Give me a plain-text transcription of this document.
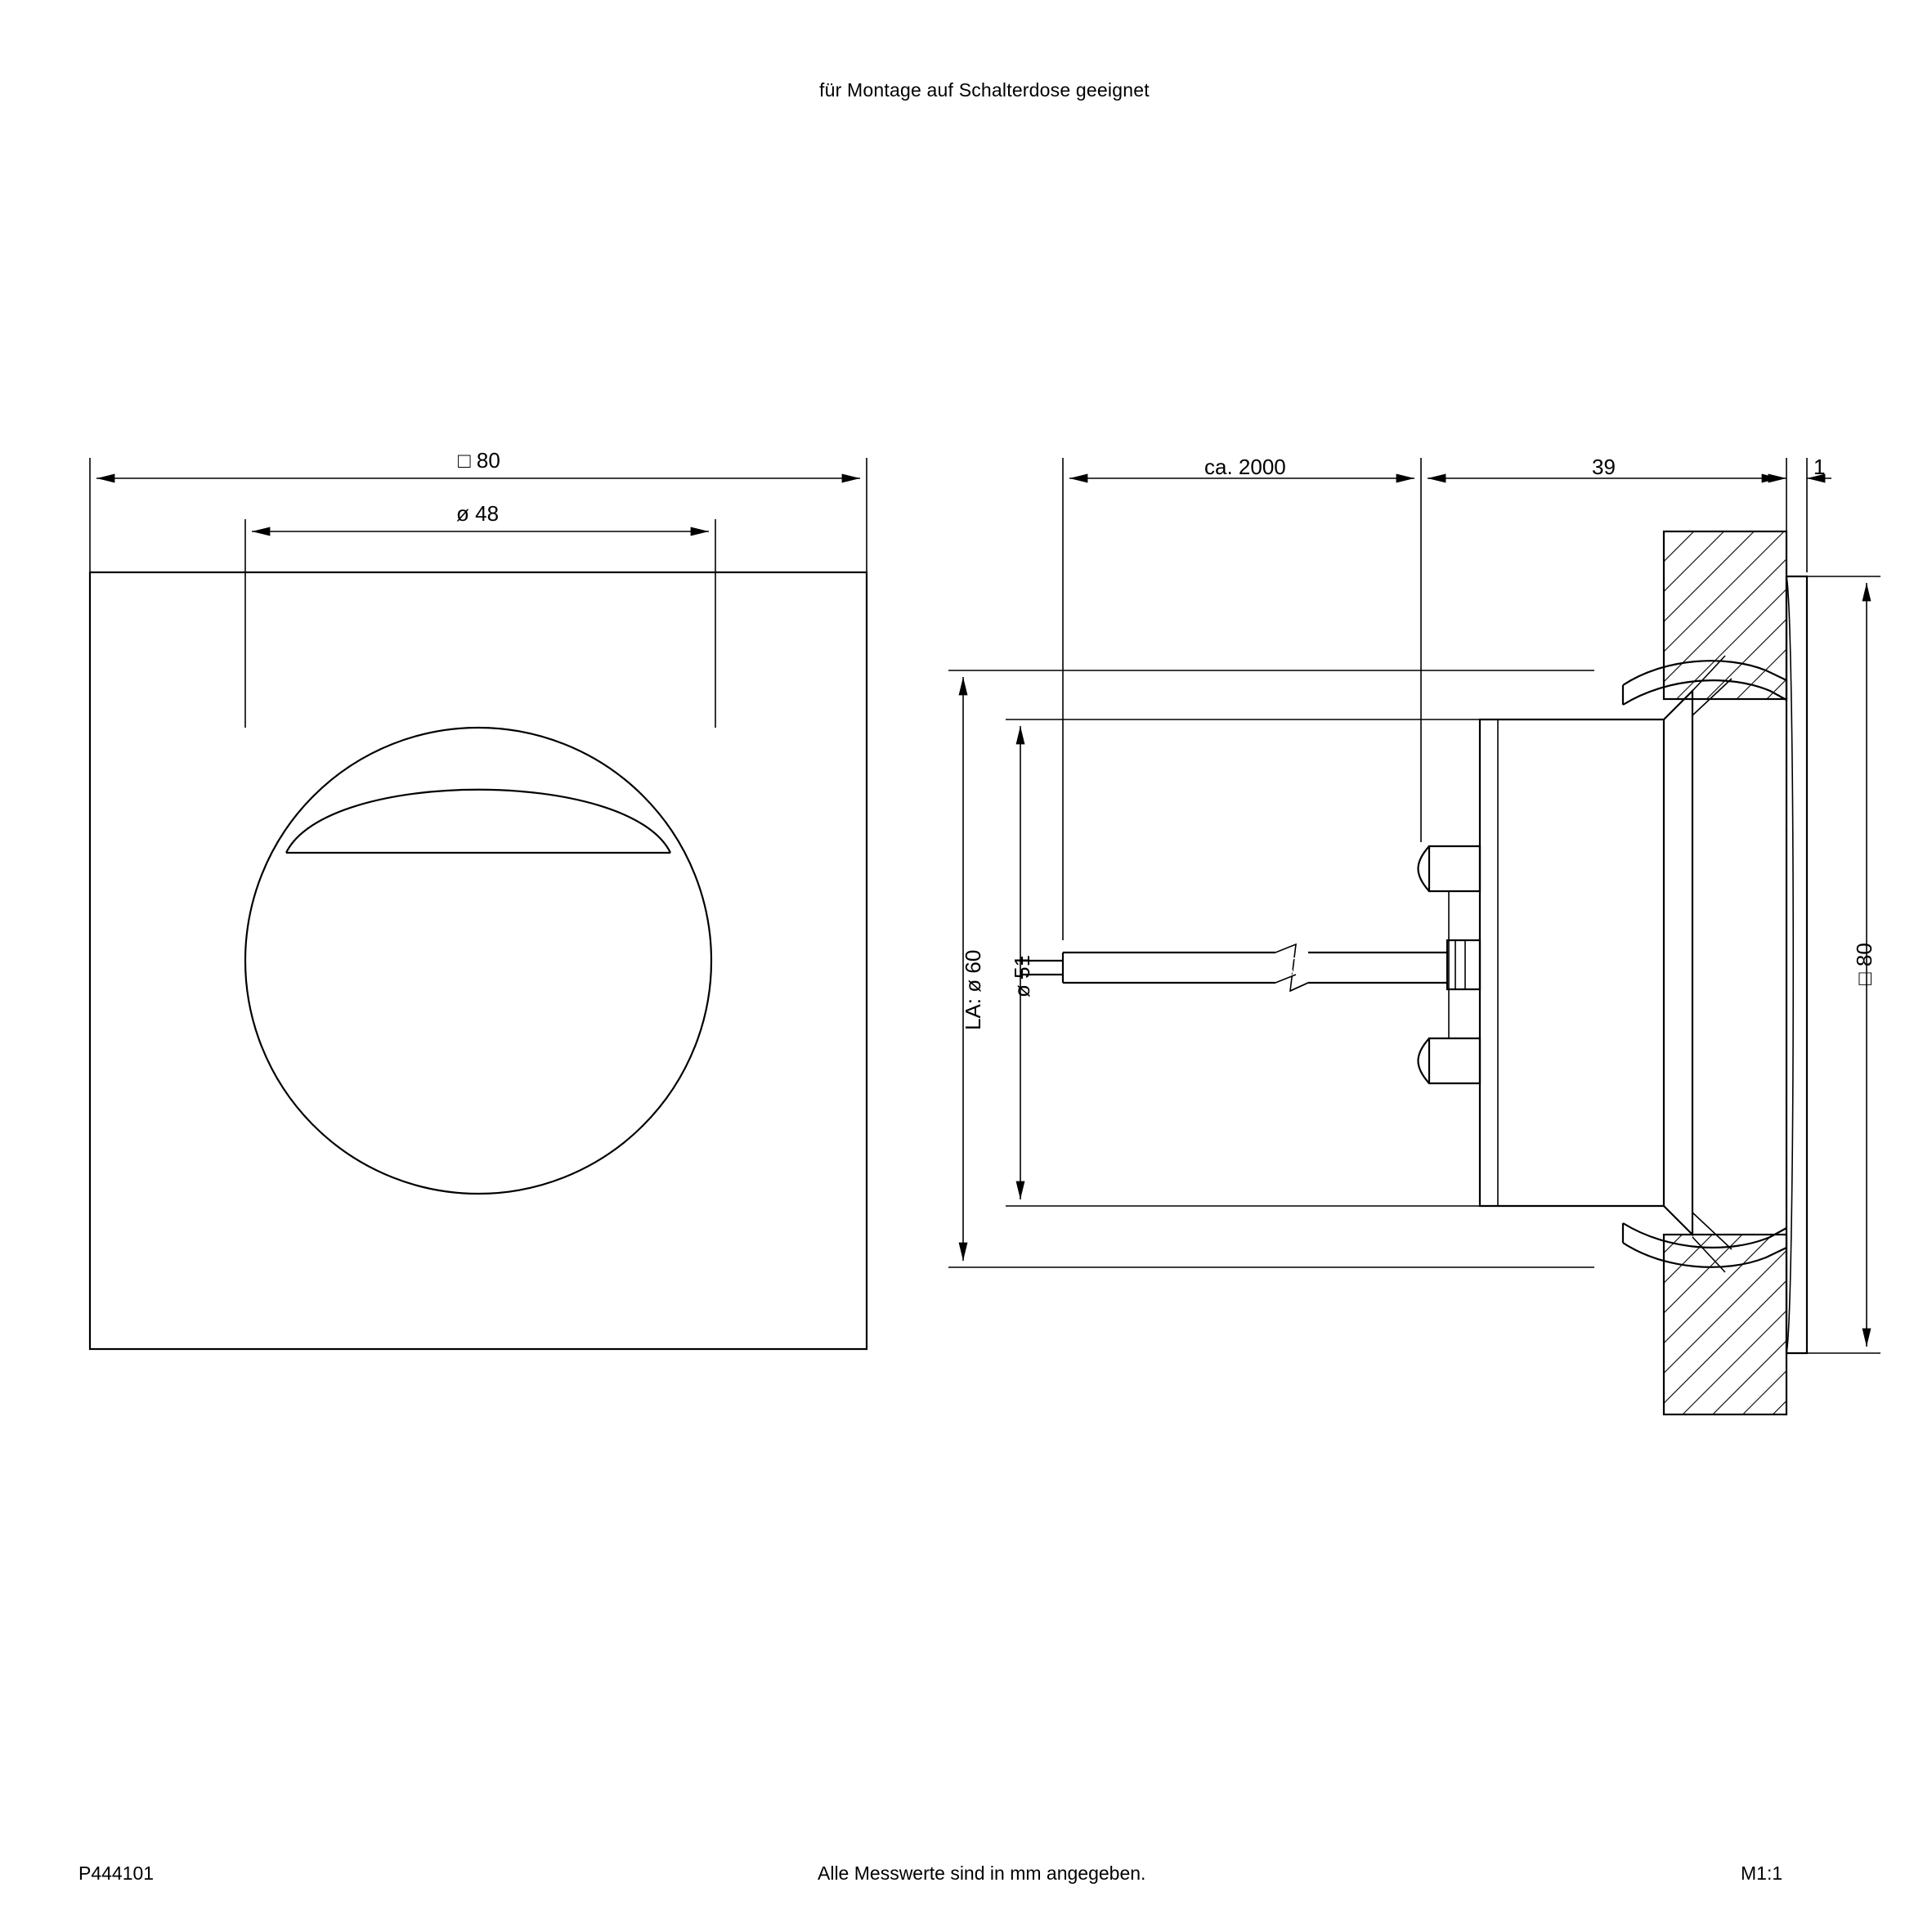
für Montage auf Schalterdose geeignet
P444101	Alle Messwerte sind in mm angegeben.	M1:1
□ 80
ø 48
ca. 2000	39	1
LA: ø 60 ø 51	□ 80
